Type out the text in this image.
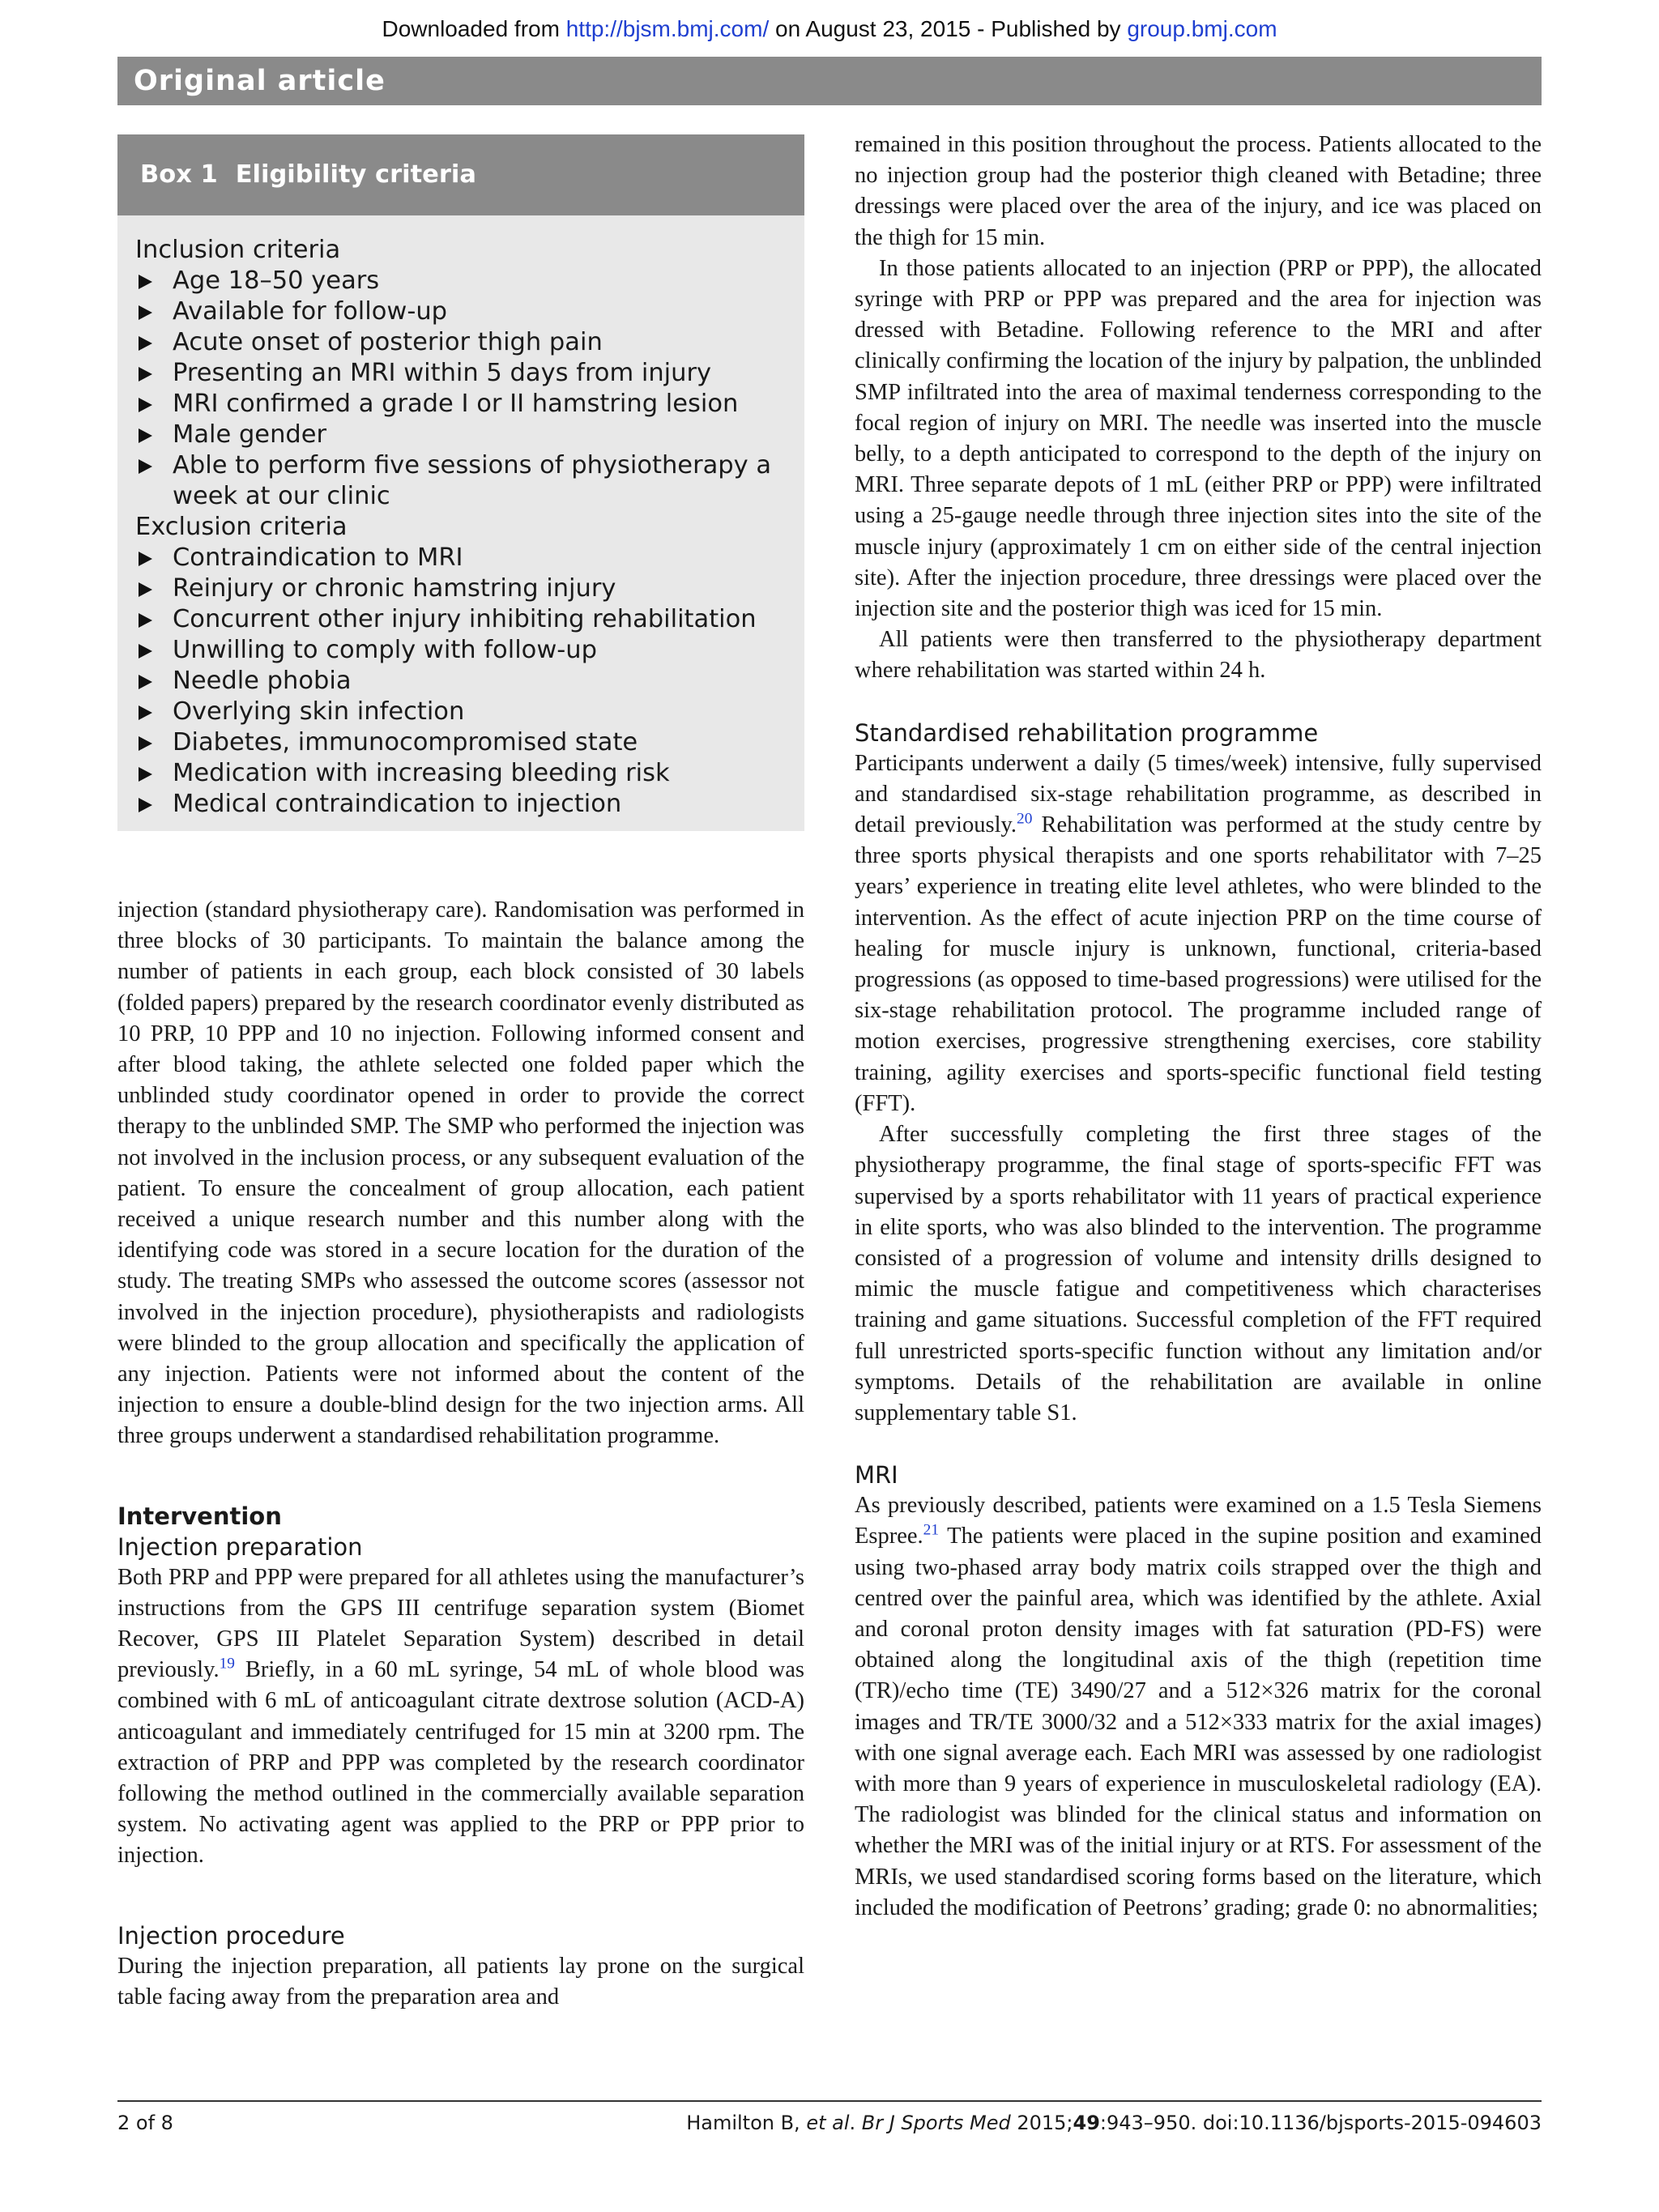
Downloaded from http://bjsm.bmj.com/ on August 23, 2015 - Published by group.bmj.com
Original article
Box 1 Eligibility criteria

Inclusion criteria

Age 18–50 years
Available for follow-up
Acute onset of posterior thigh pain
Presenting an MRI within 5 days from injury
MRI confirmed a grade I or II hamstring lesion
Male gender
Able to perform five sessions of physiotherapy a week at our clinic

Exclusion criteria

Contraindication to MRI
Reinjury or chronic hamstring injury
Concurrent other injury inhibiting rehabilitation
Unwilling to comply with follow-up
Needle phobia
Overlying skin infection
Diabetes, immunocompromised state
Medication with increasing bleeding risk
Medical contraindication to injection

injection (standard physiotherapy care). Randomisation was performed in three blocks of 30 participants. To maintain the balance among the number of patients in each group, each block consisted of 30 labels (folded papers) prepared by the research coordinator evenly distributed as 10 PRP, 10 PPP and 10 no injection. Following informed consent and after blood taking, the athlete selected one folded paper which the unblinded study coordinator opened in order to provide the correct therapy to the unblinded SMP. The SMP who performed the injection was not involved in the inclusion process, or any subsequent evaluation of the patient. To ensure the concealment of group allocation, each patient received a unique research number and this number along with the identifying code was stored in a secure location for the duration of the study. The treating SMPs who assessed the outcome scores (assessor not involved in the injection procedure), physiotherapists and radiologists were blinded to the group allocation and specifically the application of any injection. Patients were not informed about the content of the injection to ensure a double-blind design for the two injection arms. All three groups underwent a standardised rehabilitation programme.

Intervention

Injection preparation

Both PRP and PPP were prepared for all athletes using the manufacturer’s instructions from the GPS III centrifuge separation system (Biomet Recover, GPS III Platelet Separation System) described in detail previously.$^{19}$ Briefly, in a 60 mL syringe, 54 mL of whole blood was combined with 6 mL of anticoagulant citrate dextrose solution (ACD-A) anticoagulant and immediately centrifuged for 15 min at 3200 rpm. The extraction of PRP and PPP was completed by the research coordinator following the method outlined in the commercially available separation system. No activating agent was applied to the PRP or PPP prior to injection.

Injection procedure

During the injection preparation, all patients lay prone on the surgical table facing away from the preparation area and

remained in this position throughout the process. Patients allocated to the no injection group had the posterior thigh cleaned with Betadine; three dressings were placed over the area of the injury, and ice was placed on the thigh for 15 min.

In those patients allocated to an injection (PRP or PPP), the allocated syringe with PRP or PPP was prepared and the area for injection was dressed with Betadine. Following reference to the MRI and after clinically confirming the location of the injury by palpation, the unblinded SMP infiltrated into the area of maximal tenderness corresponding to the focal region of injury on MRI. The needle was inserted into the muscle belly, to a depth anticipated to correspond to the depth of the injury on MRI. Three separate depots of 1 mL (either PRP or PPP) were infiltrated using a 25-gauge needle through three injection sites into the site of the muscle injury (approximately 1 cm on either side of the central injection site). After the injection procedure, three dressings were placed over the injection site and the posterior thigh was iced for 15 min.

All patients were then transferred to the physiotherapy department where rehabilitation was started within 24 h.

Standardised rehabilitation programme

Participants underwent a daily (5 times/week) intensive, fully supervised and standardised six-stage rehabilitation programme, as described in detail previously.$^{20}$ Rehabilitation was performed at the study centre by three sports physical therapists and one sports rehabilitator with 7–25 years’ experience in treating elite level athletes, who were blinded to the intervention. As the effect of acute injection PRP on the time course of healing for muscle injury is unknown, functional, criteria-based progressions (as opposed to time-based progressions) were utilised for the six-stage rehabilitation protocol. The programme included range of motion exercises, progressive strengthening exercises, core stability training, agility exercises and sports-specific functional field testing (FFT).

After successfully completing the first three stages of the physiotherapy programme, the final stage of sports-specific FFT was supervised by a sports rehabilitator with 11 years of practical experience in elite sports, who was also blinded to the intervention. The programme consisted of a progression of volume and intensity drills designed to mimic the muscle fatigue and competitiveness which characterises training and game situations. Successful completion of the FFT required full unrestricted sports-specific function without any limitation and/or symptoms. Details of the rehabilitation are available in online supplementary table S1.

MRI

As previously described, patients were examined on a 1.5 Tesla Siemens Espree.$^{21}$ The patients were placed in the supine position and examined using two-phased array body matrix coils strapped over the thigh and centred over the painful area, which was identified by the athlete. Axial and coronal proton density images with fat saturation (PD-FS) were obtained along the longitudinal axis of the thigh (repetition time (TR)/echo time (TE) 3490/27 and a 512×326 matrix for the coronal images and TR/TE 3000/32 and a 512×333 matrix for the axial images) with one signal average each. Each MRI was assessed by one radiologist with more than 9 years of experience in musculoskeletal radiology (EA). The radiologist was blinded for the clinical status and information on whether the MRI was of the initial injury or at RTS. For assessment of the MRIs, we used standardised scoring forms based on the literature, which included the modification of Peetrons’ grading; grade 0: no abnormalities;

2 of 8	Hamilton B, et al. Br J Sports Med 2015;49:943–950. doi:10.1136/bjsports-2015-094603
